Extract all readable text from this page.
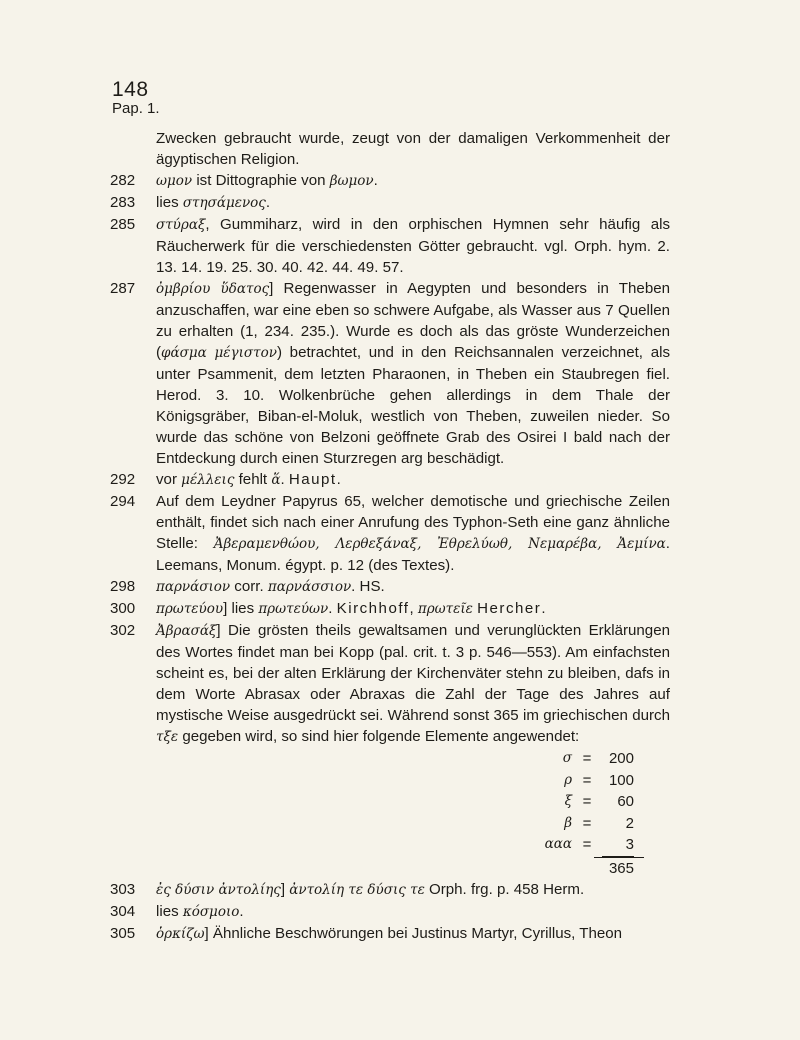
148
Pap. 1.
Zwecken gebraucht wurde, zeugt von der damaligen Verkommenheit der ägyptischen Religion.
282	ωμον ist Dittographie von βωμον.
283	lies στησάμενος.
285	στύραξ, Gummiharz, wird in den orphischen Hymnen sehr häufig als Räucherwerk für die verschiedensten Götter gebraucht. vgl. Orph. hym. 2. 13. 14. 19. 25. 30. 40. 42. 44. 49. 57.
287	ὀμβρίου ὕδατος] Regenwasser in Aegypten und besonders in Theben anzuschaffen, war eine eben so schwere Aufgabe, als Wasser aus 7 Quellen zu erhalten (1, 234. 235.). Wurde es doch als das gröste Wunderzeichen (φάσμα μέγιστον) betrachtet, und in den Reichsannalen verzeichnet, als unter Psammenit, dem letzten Pharaonen, in Theben ein Staubregen fiel. Herod. 3. 10. Wolkenbrüche gehen allerdings in dem Thale der Königsgräber, Biban-el-Moluk, westlich von Theben, zuweilen nieder. So wurde das schöne von Belzoni geöffnete Grab des Osirei I bald nach der Entdeckung durch einen Sturzregen arg beschädigt.
292	vor μέλλεις fehlt ἅ. Haupt.
294	Auf dem Leydner Papyrus 65, welcher demotische und griechische Zeilen enthält, findet sich nach einer Anrufung des Typhon-Seth eine ganz ähnliche Stelle: Ἀβεραμενθώου, Λερθεξάναξ, Ἐθρελύωθ, Νεμαρέβα, Ἀεμίνα. Leemans, Monum. égypt. p. 12 (des Textes).
298	παρνάσιον corr. παρνάσσιον. HS.
300	πρωτεύου] lies πρωτεύων. Kirchhoff, πρωτεῖε Hercher.
302	Ἀβρασάξ] Die grösten theils gewaltsamen und verunglückten Erklärungen des Wortes findet man bei Kopp (pal. crit. t. 3 p. 546—553). Am einfachsten scheint es, bei der alten Erklärung der Kirchenväter stehn zu bleiben, dafs in dem Worte Abrasax oder Abraxas die Zahl der Tage des Jahres auf mystische Weise ausgedrückt sei. Während sonst 365 im griechischen durch τξε gegeben wird, so sind hier folgende Elemente angewendet:
σ =	200
ρ =	100
ξ =	60
β =	2
ααα =	3
365
303	ἐς δύσιν ἀντολίης] ἀντολίη τε δύσις τε Orph. frg. p. 458 Herm.
304	lies κόσμοιο.
305	ὁρκίζω] Ähnliche Beschwörungen bei Justinus Martyr, Cyrillus, Theon
